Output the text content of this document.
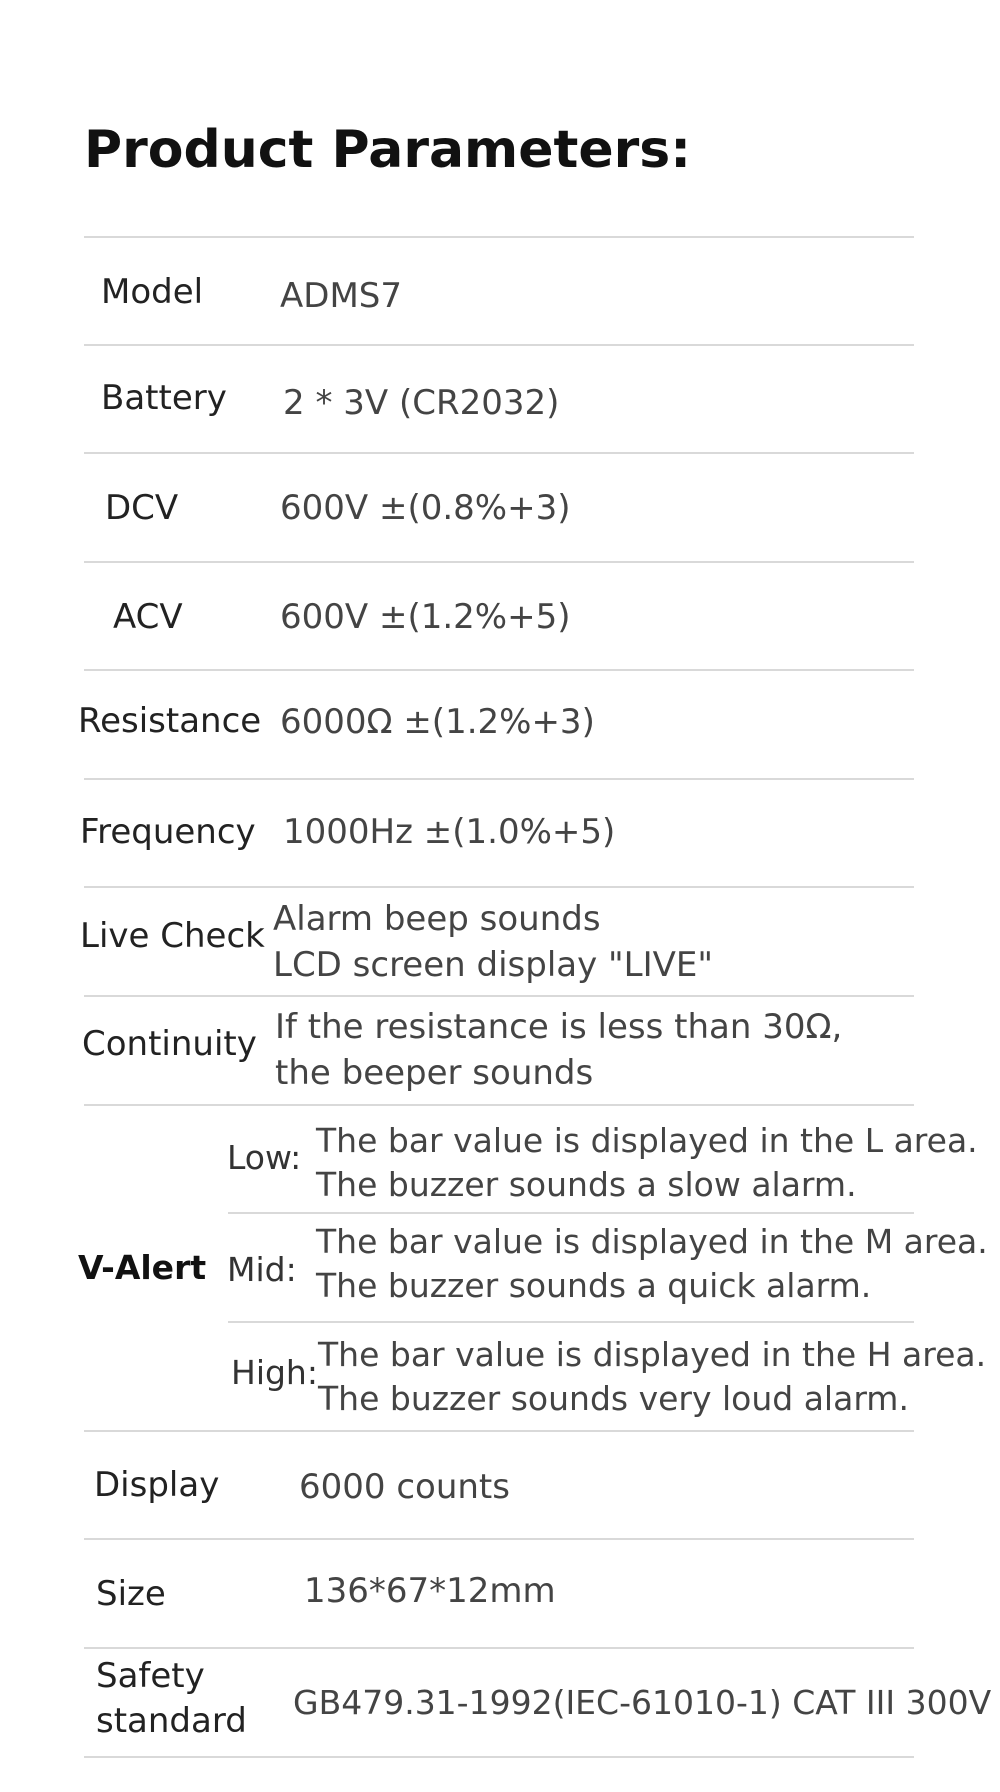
Product Parameters:
Model ADMS7
Battery 2 * 3V (CR2032)
DCV	600V ±(0.8%+3)
ACV	600V ±(1.2%+5)
Resistance 6000Ω ±(1.2%+3)
Frequency 1000Hz ±(1.0%+5)
Live Check Alarm beep sounds
LCD screen display "LIVE"
Continuity If the resistance is less than 30Ω,
the beeper sounds
V-Alert
Low: The bar value is displayed in the L area.
The buzzer sounds a slow alarm.
Mid:
The bar value is displayed in the M area.
The buzzer sounds a quick alarm.
High: The bar value is displayed in the H area.
The buzzer sounds very loud alarm.
Display 6000 counts
Size	136*67*12mm
Safety
standard GB479.31-1992(IEC-61010-1) CAT III 300V
